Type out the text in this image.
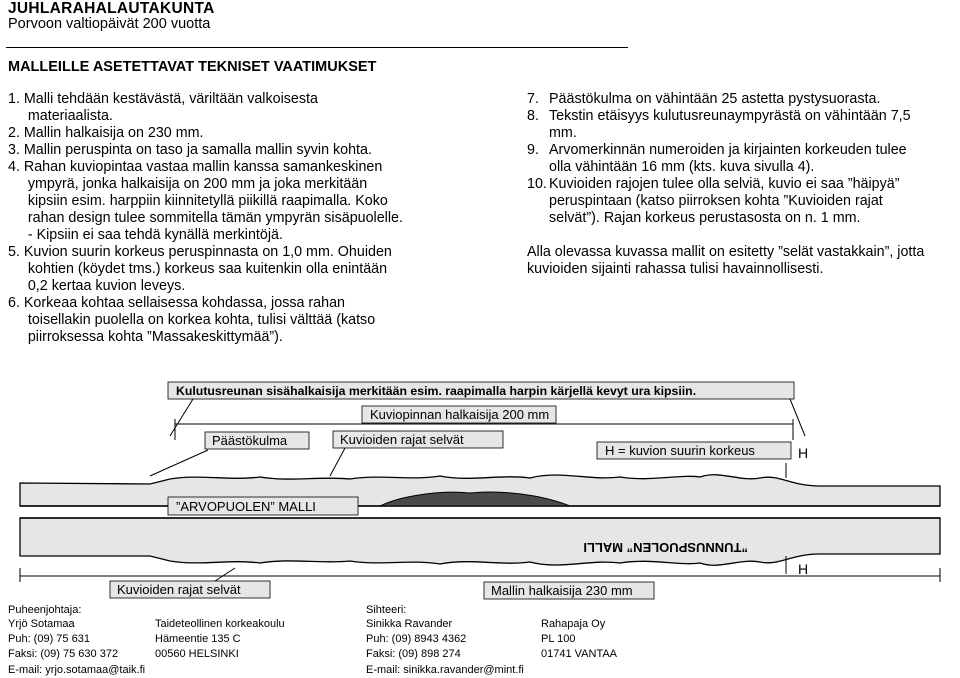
JUHLARAHALAUTAKUNTA
Porvoon valtiopäivät 200 vuotta
MALLEILLE ASETETTAVAT TEKNISET VAATIMUKSET
1. Malli tehdään kestävästä, väriltään valkoisesta
materiaalista.
2. Mallin halkaisija on 230 mm.
3. Mallin peruspinta on taso ja samalla mallin syvin kohta.
4. Rahan kuviopintaa vastaa mallin kanssa samankeskinen
ympyrä, jonka halkaisija on 200 mm ja joka merkitään
kipsiin esim. harppiin kiinnitetyllä piikillä raapimalla. Koko
rahan design tulee sommitella tämän ympyrän sisäpuolelle.
- Kipsiin ei saa tehdä kynällä merkintöjä.
5. Kuvion suurin korkeus peruspinnasta on 1,0 mm. Ohuiden
kohtien (köydet tms.) korkeus saa kuitenkin olla enintään
0,2 kertaa kuvion leveys.
6. Korkeaa kohtaa sellaisessa kohdassa, jossa rahan
toisellakin puolella on korkea kohta, tulisi välttää (katso
piirroksessa kohta ”Massakeskittymää”).
7. Päästökulma on vähintään 25 astetta pystysuorasta.
8. Tekstin etäisyys kulutusreunaympyrästä on vähintään 7,5
mm.
9. Arvomerkinnän numeroiden ja kirjainten korkeuden tulee
olla vähintään 16 mm (kts. kuva sivulla 4).
10. Kuvioiden rajojen tulee olla selviä, kuvio ei saa ”häipyä”
peruspintaan (katso piirroksen kohta ”Kuvioiden rajat
selvät”). Rajan korkeus perustasosta on n. 1 mm.
Alla olevassa kuvassa mallit on esitetty ”selät vastakkain”, jotta
kuvioiden sijainti rahassa tulisi havainnollisesti.
Kulutusreunan sisähalkaisija merkitään esim. raapimalla harpin kärjellä kevyt ura kipsiin.
Kuviopinnan halkaisija 200 mm
Päästökulma	Kuvioiden rajat selvät
H = kuvion suurin korkeus	H
”ARVOPUOLEN” MALLI
”TUNNUSPUOLEN” MALLI
H
Kuvioiden rajat selvät	Mallin halkaisija 230 mm
Puheenjohtaja:
Yrjö Sotamaa
Puh: (09) 75 631
Faksi: (09) 75 630 372
E-mail: yrjo.sotamaa@taik.fi
Taideteollinen korkeakoulu
Hämeentie 135 C
00560 HELSINKI
Sihteeri:
Sinikka Ravander
Puh: (09) 8943 4362
Faksi: (09) 898 274
E-mail: sinikka.ravander@mint.fi
Rahapaja Oy
PL 100
01741 VANTAA
